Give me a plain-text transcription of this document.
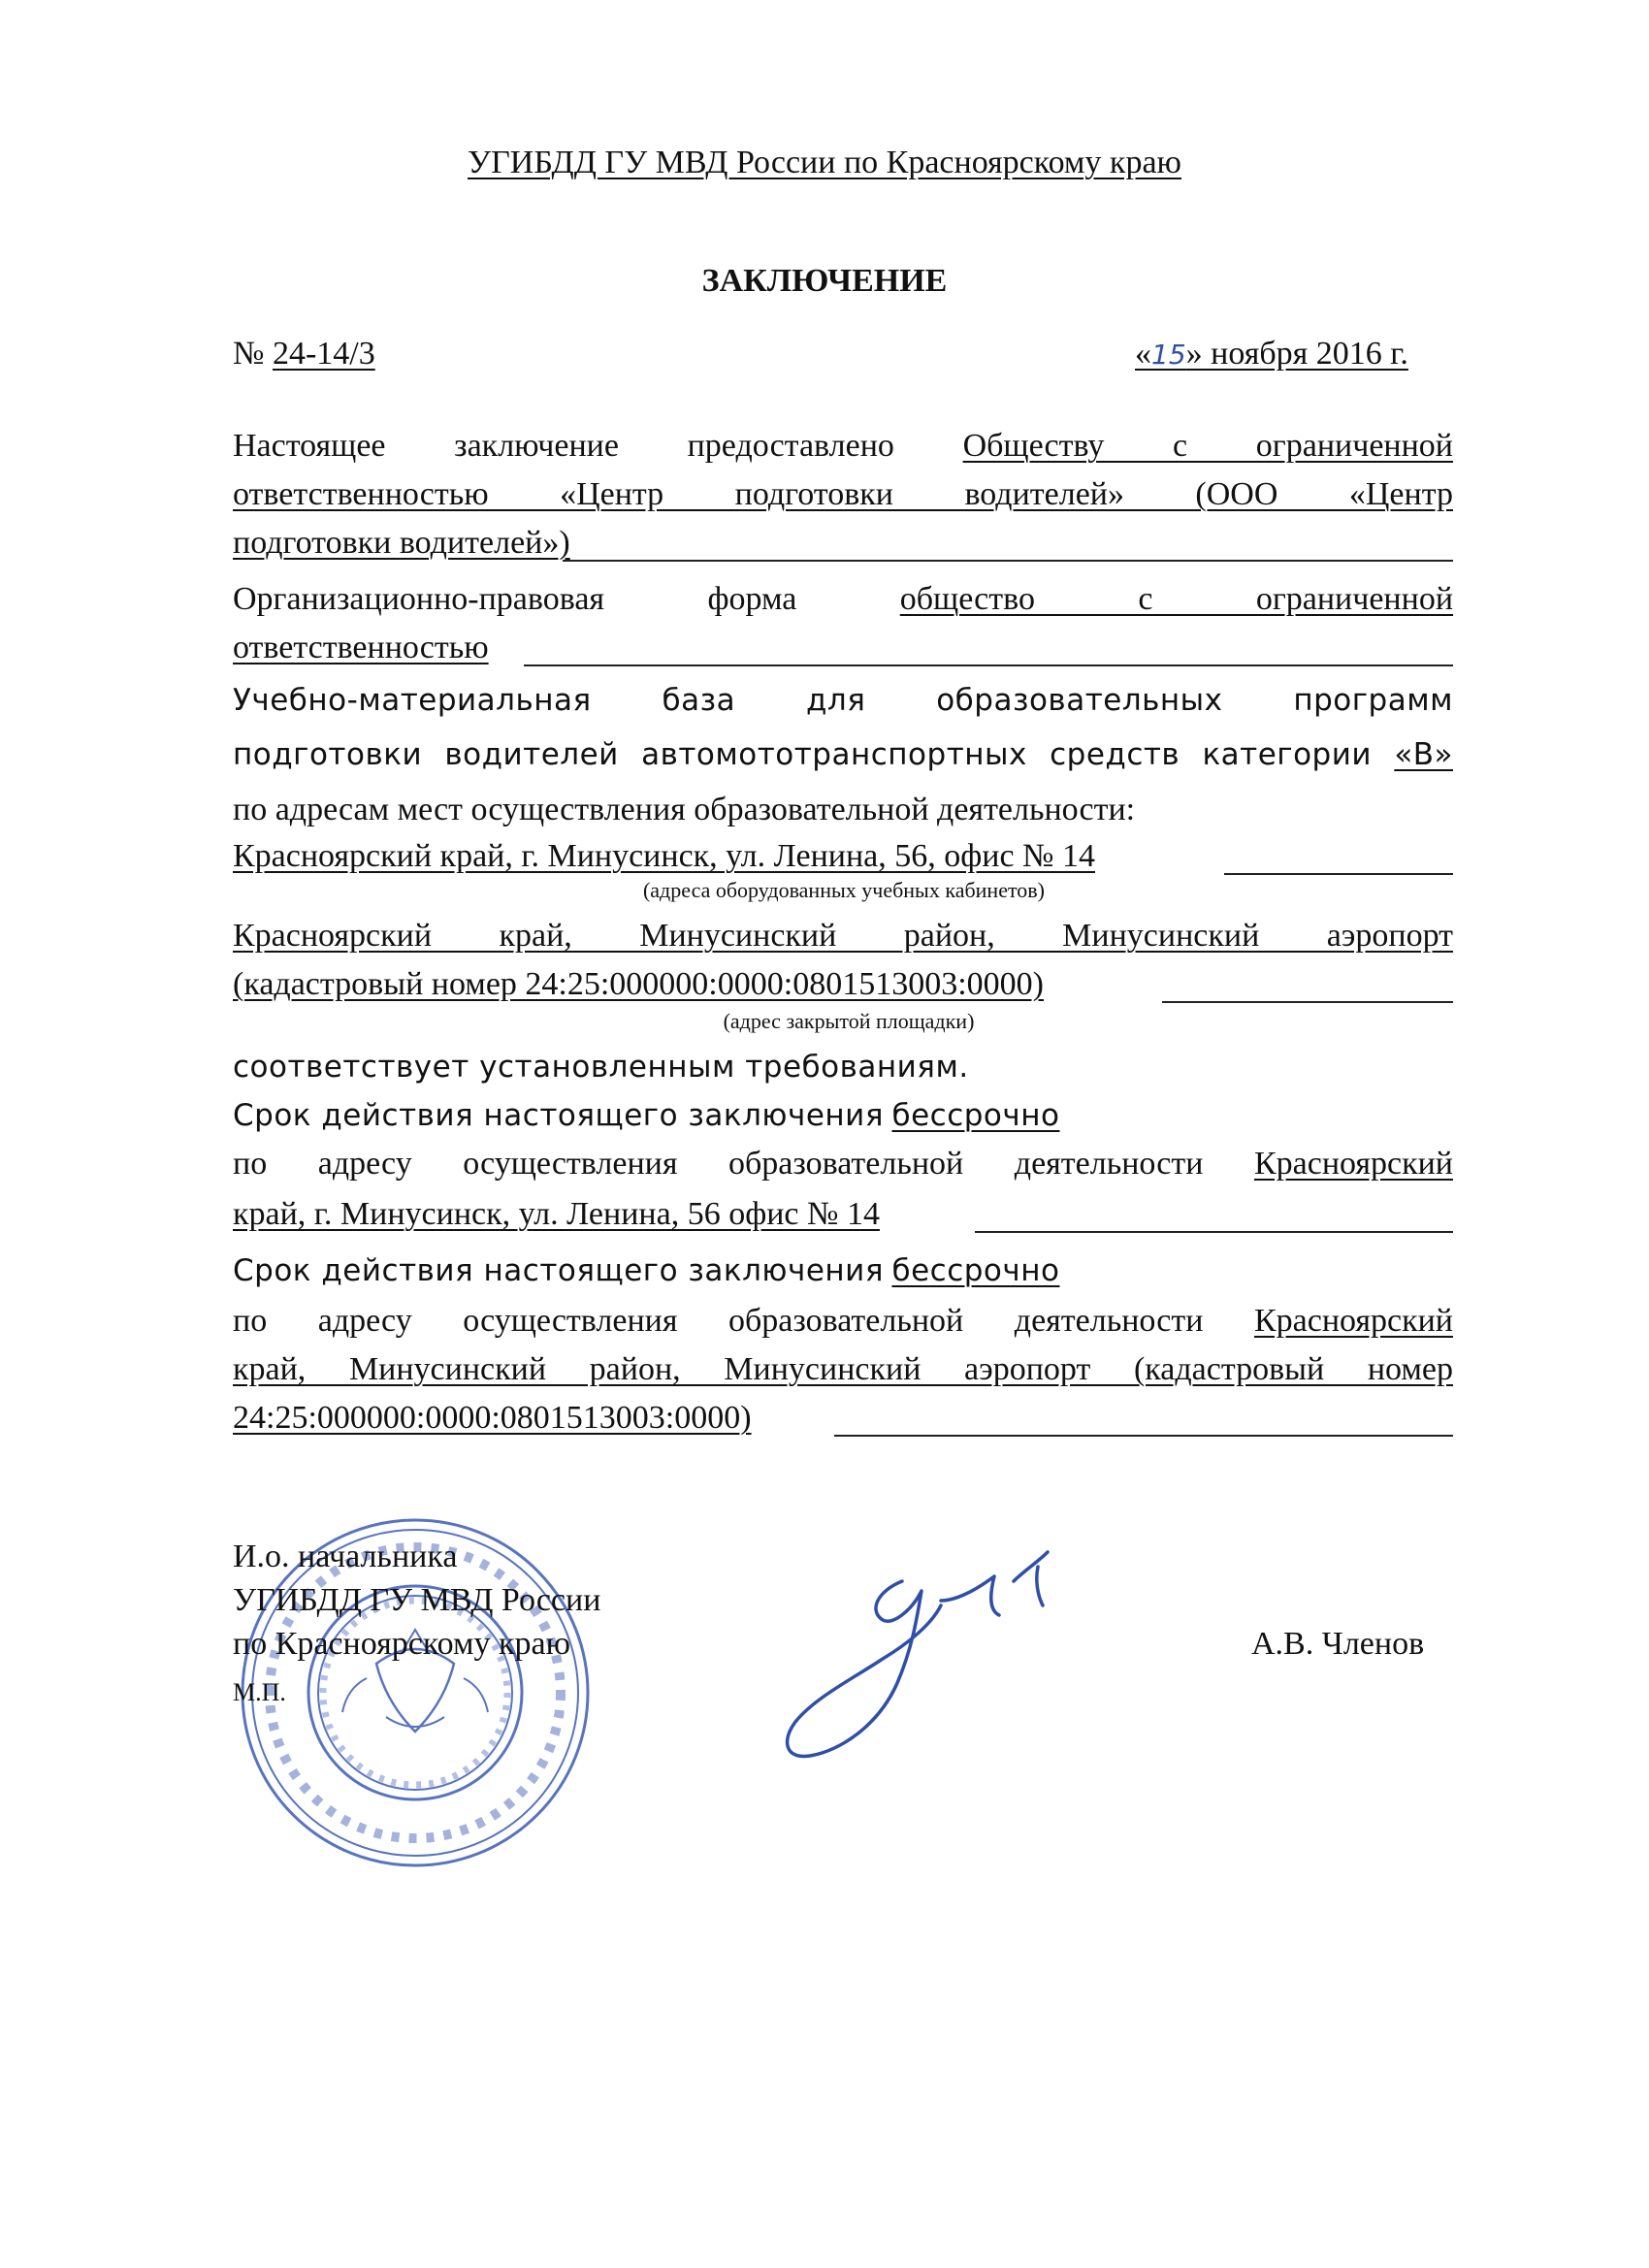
УГИБДД ГУ МВД России по Красноярскому краю
ЗАКЛЮЧЕНИЕ
№ 24-14/3	«15» ноября 2016 г.
Настоящее заключение предоставлено Обществу с ограниченной
ответственностью «Центр подготовки водителей» (ООО «Центр
подготовки водителей»)
Организационно-правовая форма	общество с ограниченной
ответственностью
Учебно-материальная база для образовательных программ
подготовки водителей автомототранспортных средств категории «В»
по адресам мест осуществления образовательной деятельности:
Красноярский край, г. Минусинск, ул. Ленина, 56, офис № 14
(адреса оборудованных учебных кабинетов)
Красноярский край, Минусинский район, Минусинский аэропорт
(кадастровый номер 24:25:000000:0000:0801513003:0000)
(адрес закрытой площадки)
соответствует установленным требованиям.
Срок действия настоящего заключения бессрочно
по адресу осуществления образовательной деятельности Красноярский
край, г. Минусинск, ул. Ленина, 56 офис № 14
Срок действия настоящего заключения бессрочно
по адресу осуществления образовательной деятельности Красноярский
край, Минусинский район, Минусинский аэропорт (кадастровый номер
24:25:000000:0000:0801513003:0000)
И.о. начальника
УГИБДД ГУ МВД России
по Красноярскому краю
М.П.
А.В. Членов
